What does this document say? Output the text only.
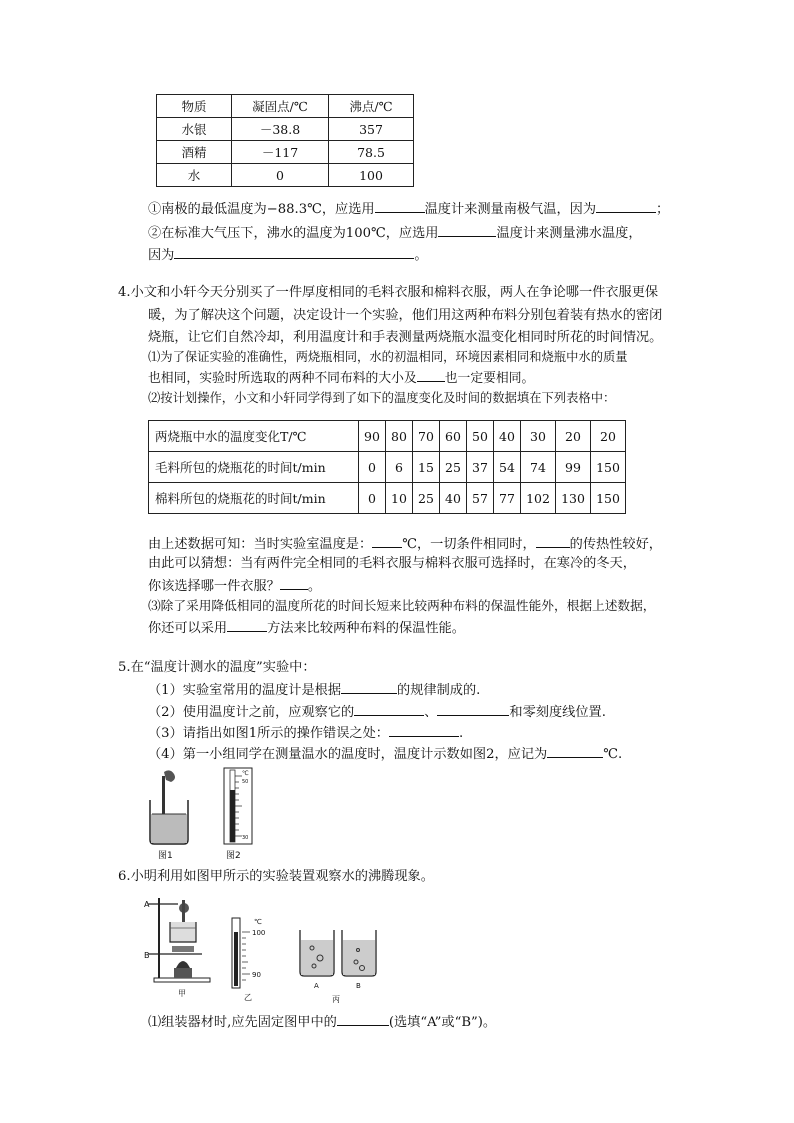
物质	凝固点/℃	沸点/℃
水银	－38.8	357
酒精	－117	78.5
水	0	100
①南极的最低温度为−88.3℃，应选用	温度计来测量南极气温，因为	；
②在标准大气压下，沸水的温度为100℃，应选用	温度计来测量沸水温度，
因为	。
4.小文和小轩今天分别买了一件厚度相同的毛料衣服和棉料衣服，两人在争论哪一件衣服更保
暖，为了解决这个问题，决定设计一个实验，他们用这两种布料分别包着装有热水的密闭
烧瓶，让它们自然冷却，利用温度计和手表测量两烧瓶水温变化相同时所花的时间情况。
⑴为了保证实验的准确性，两烧瓶相同，水的初温相同，环境因素相同和烧瓶中水的质量
也相同，实验时所选取的两种不同布料的大小及 也一定要相同。
⑵按计划操作，小文和小轩同学得到了如下的温度变化及时间的数据填在下列表格中：
两烧瓶中水的温度变化T/℃	90	80	70	60	50	40	30	20	20
毛料所包的烧瓶花的时间t/min	0	6	15	25	37	54	74	99	150
棉料所包的烧瓶花的时间t/min	0	10	25	40	57	77	102	130	150
由上述数据可知：当时实验室温度是： ℃，一切条件相同时，	的传热性较好，
由此可以猜想：当有两件完全相同的毛料衣服与棉料衣服可选择时，在寒冷的冬天，
你该选择哪一件衣服？ 。
⑶除了采用降低相同的温度所花的时间长短来比较两种布料的保温性能外，根据上述数据，
你还可以采用	方法来比较两种布料的保温性能。
5.在“温度计测水的温度”实验中：
（1）实验室常用的温度计是根据	的规律制成的.
（2）使用温度计之前，应观察它的	、	和零刻度线位置.
（3）请指出如图1所示的操作错误之处：	.
（4）第一小组同学在测量温水的温度时，温度计示数如图2，应记为	℃.
图1
℃
50
30
图2
6.小明利用如图甲所示的实验装置观察水的沸腾现象。
A
B
甲
℃
100
90
乙
A	B
丙
⑴组装器材时,应先固定图甲中的	(选填“A”或“B”)。
